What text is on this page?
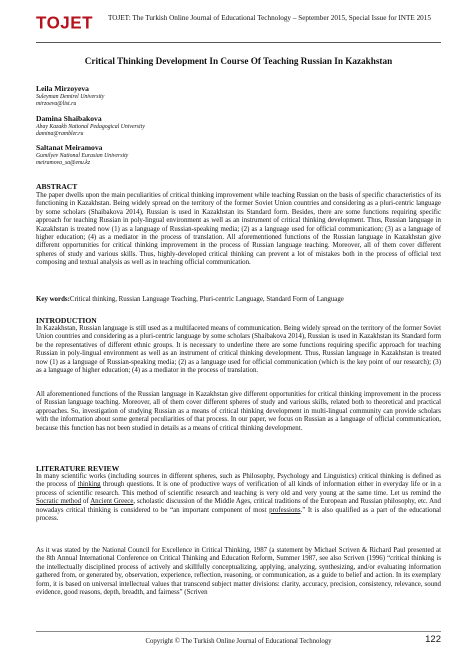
TOJET	TOJET: The Turkish Online Journal of Educational Technology – September 2015, Special Issue for INTE 2015
Critical Thinking Development In Course Of Teaching Russian In Kazakhstan
Leila Mirzoyeva
Suleyman Demirel University
mirzoeva@list.ru
Damina Shaibakova
Abay Kazakh National Pedagogical University
damina@rambler.ru
Saltanat Meiramova
Gumilyev National Eurasian University
meiramova_sa@enu.kz
ABSTRACT

The paper dwells upon the main peculiarities of critical thinking improvement while teaching Russian on the basis of specific characteristics of its functioning in Kazakhstan. Being widely spread on the territory of the former Soviet Union countries and considering as a pluri-centric language by some scholars (Shaibakova 2014), Russian is used in Kazakhstan its Standard form. Besides, there are some functions requiring specific approach for teaching Russian in poly-lingual environment as well as an instrument of critical thinking development. Thus, Russian language in Kazakhstan is treated now (1) as a language of Russian-speaking media; (2) as a language used for official communication; (3) as a language of higher education; (4) as a mediator in the process of translation. All aforementioned functions of the Russian language in Kazakhstan give different opportunities for critical thinking improvement in the process of Russian language teaching. Moreover, all of them cover different spheres of study and various skills. Thus, highly-developed critical thinking can prevent a lot of mistakes both in the process of official text composing and textual analysis as well as in teaching official communication.

Key words:Critical thinking, Russian Language Teaching, Pluri-centric Language, Standard Form of Language

INTRODUCTION

In Kazakhstan, Russian language is still used as a multifaceted means of communication. Being widely spread on the territory of the former Soviet Union countries and considering as a pluri-centric language by some scholars (Shaibakova 2014), Russian is used in Kazakhstan its Standard form be the representatives of different ethnic groups. It is necessary to underline there are some functions requiring specific approach for teaching Russian in poly-lingual environment as well as an instrument of critical thinking development. Thus, Russian language in Kazakhstan is treated now (1) as a language of Russian-speaking media; (2) as a language used for official communication (which is the key point of our research); (3) as a language of higher education; (4) as a mediator in the process of translation.

All aforementioned functions of the Russian language in Kazakhstan give different opportunities for critical thinking improvement in the process of Russian language teaching. Moreover, all of them cover different spheres of study and various skills, related both to theoretical and practical approaches. So, investigation of studying Russian as a means of critical thinking development in multi-lingual community can provide scholars with the information about some general peculiarities of that process. In our paper, we focus on Russian as a language of official communication, because this function has not been studied in details as a means of critical thinking development.

LITERATURE REVIEW

In many scientific works (including sources in different spheres, such as Philosophy, Psychology and Linguistics) critical thinking is defined as the process of thinking through questions. It is one of productive ways of verification of all kinds of information either in everyday life or in a process of scientific research. This method of scientific research and teaching is very old and very young at the same time. Let us remind the Socratic method of Ancient Greece, scholastic discussion of the Middle Ages, critical traditions of the European and Russian philosophy, etc. And nowadays critical thinking is considered to be “an important component of most professions.” It is also qualified as a part of the educational process.

As it was stated by the National Council for Excellence in Critical Thinking, 1987 (a statement by Michael Scriven & Richard Paul presented at the 8th Annual International Conference on Critical Thinking and Education Reform, Summer 1987, see also Scriven (1996) “critical thinking is the intellectually disciplined process of actively and skillfully conceptualizing, applying, analyzing, synthesizing, and/or evaluating information gathered from, or generated by, observation, experience, reflection, reasoning, or communication, as a guide to belief and action. In its exemplary form, it is based on universal intellectual values that transcend subject matter divisions: clarity, accuracy, precision, consistency, relevance, sound evidence, good reasons, depth, breadth, and fairness” (Scriven

Copyright © The Turkish Online Journal of Educational Technology	122
